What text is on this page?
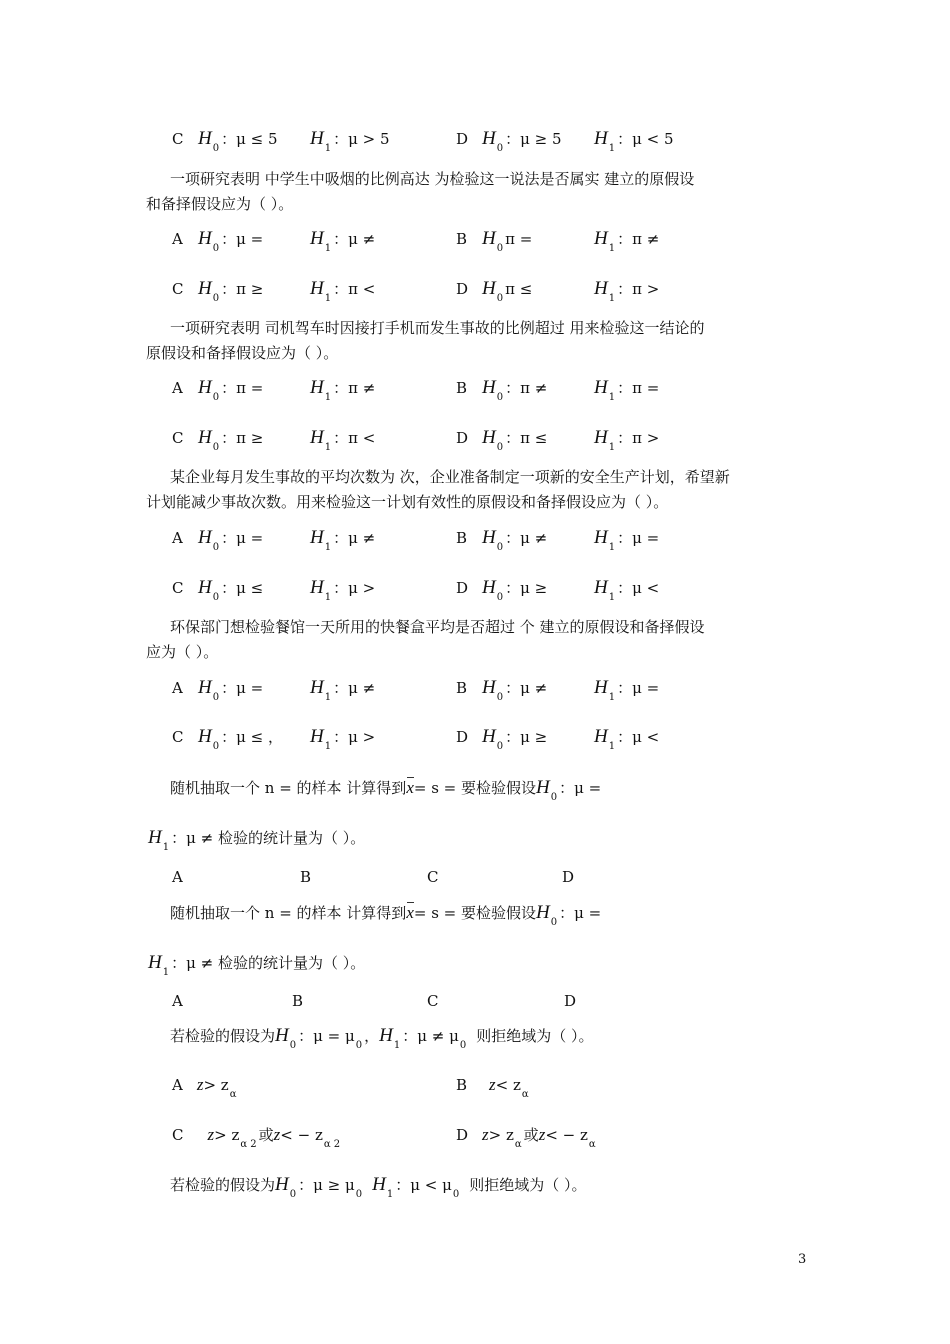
C $H_0$：μ ≤ 5 $H_1$：μ > 5	D $H_0$：μ ≥ 5 $H_1$：μ < 5
一项研究表明 中学生中吸烟的比例高达 为检验这一说法是否属实 建立的原假设
和备择假设应为（ ）。
A $H_0$：$\mu = H_1$：μ ≠	B $H_0\pi$ =	$H_1$：π ≠
C $H_0$：$\pi \ge H_1$：π <	D $H_0\pi$ ≤	$H_1$：π >
一项研究表明 司机驾车时因接打手机而发生事故的比例超过 用来检验这一结论的
原假设和备择假设应为（ ）。
A $H_0$：$\pi = H_1$：π ≠	B $H_0$：$\pi \ne H_1$：π =
C $H_0$：$\pi \ge H_1$：π <	D $H_0$：$\pi \le H_1$：π >
某企业每月发生事故的平均次数为 次，企业准备制定一项新的安全生产计划，希望新
计划能减少事故次数。用来检验这一计划有效性的原假设和备择假设应为（ ）。
A $H_0$：$\mu = H_1$：μ ≠	B $H_0$：$\mu \ne H_1$：μ =
C $H_0$：$\mu \le H_1$：μ >	D $H_0$：$\mu \ge H_1$：μ <
环保部门想检验餐馆一天所用的快餐盒平均是否超过 个 建立的原假设和备择假设
应为（ ）。
A $H_0$：$\mu = H_1$：μ ≠	B $H_0$：$\mu \ne H_1$：μ =
C $H_0$：μ ≤ ， $H_1$：μ >	D $H_0$：$\mu \ge H_1$：μ <
随机抽取一个 n = 的样本 计算得到x= s = 要检验假设$H_0$：μ =
$H_1$：μ ≠ 检验的统计量为（ ）。
A	B	C	D
随机抽取一个 n = 的样本 计算得到x= s = 要检验假设$H_0$：μ =
$H_1$：μ ≠ 检验的统计量为（ ）。
A	B	C	D
若检验的假设为$H_0$：$\mu = \mu_0$，$H_1$：$\mu \ne \mu_0$则拒绝域为（ ）。
A $z> z_\alpha$
B $z< z_\alpha$
C $z> z_{\alpha 2}$或$z< - z_{\alpha 2}$
D $z> z_\alpha$或$z< - z_\alpha$
若检验的假设为$H_0$：$\mu \ge \mu_0$ $H_1$：$\mu < \mu_0$则拒绝域为（ ）。
3
